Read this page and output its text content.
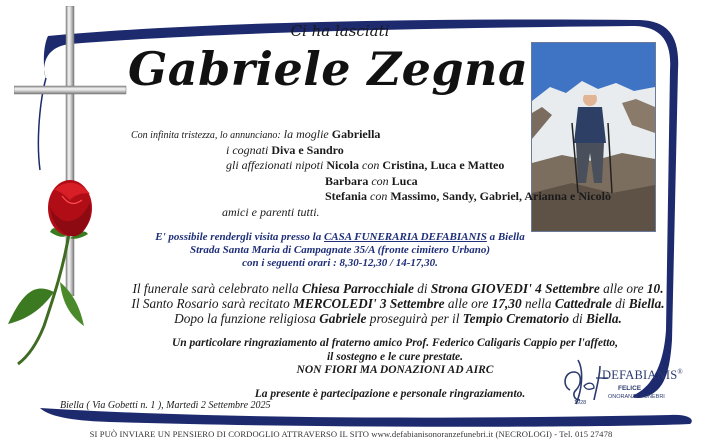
Ci ha lasciati
Gabriele Zegna
Con infinita tristezza, lo annunciano: la moglie Gabriella
i cognati Diva e Sandro
gli affezionati nipoti Nicola con Cristina, Luca e Matteo
Barbara con Luca
Stefania con Massimo, Sandy, Gabriel, Arianna e Nicolò
amici e parenti tutti.
E' possibile rendergli visita presso la CASA FUNERARIA DEFABIANIS a Biella
Strada Santa Maria di Campagnate 35/A (fronte cimitero Urbano)
con i seguenti orari : 8,30-12,30 / 14-17,30.
Il funerale sarà celebrato nella Chiesa Parrocchiale di Strona GIOVEDI' 4 Settembre alle ore 10.
Il Santo Rosario sarà recitato MERCOLEDI' 3 Settembre alle ore 17,30 nella Cattedrale di Biella.
Dopo la funzione religiosa Gabriele proseguirà per il Tempio Crematorio di Biella.
Un particolare ringraziamento al fraterno amico Prof. Federico Caligaris Cappio per l'affetto,
il sostegno e le cure prestate.
NON FIORI MA DONAZIONI AD AIRC
La presente è partecipazione e personale ringraziamento.
Biella ( Via Gobetti n. 1 ), Martedì 2 Settembre 2025
DEFABIANIS®
1928
FELICE
ONORANZE FUNEBRI
SI PUÒ INVIARE UN PENSIERO DI CORDOGLIO ATTRAVERSO IL SITO www.defabianisonoranzefunebri.it (NECROLOGI) - Tel. 015 27478
